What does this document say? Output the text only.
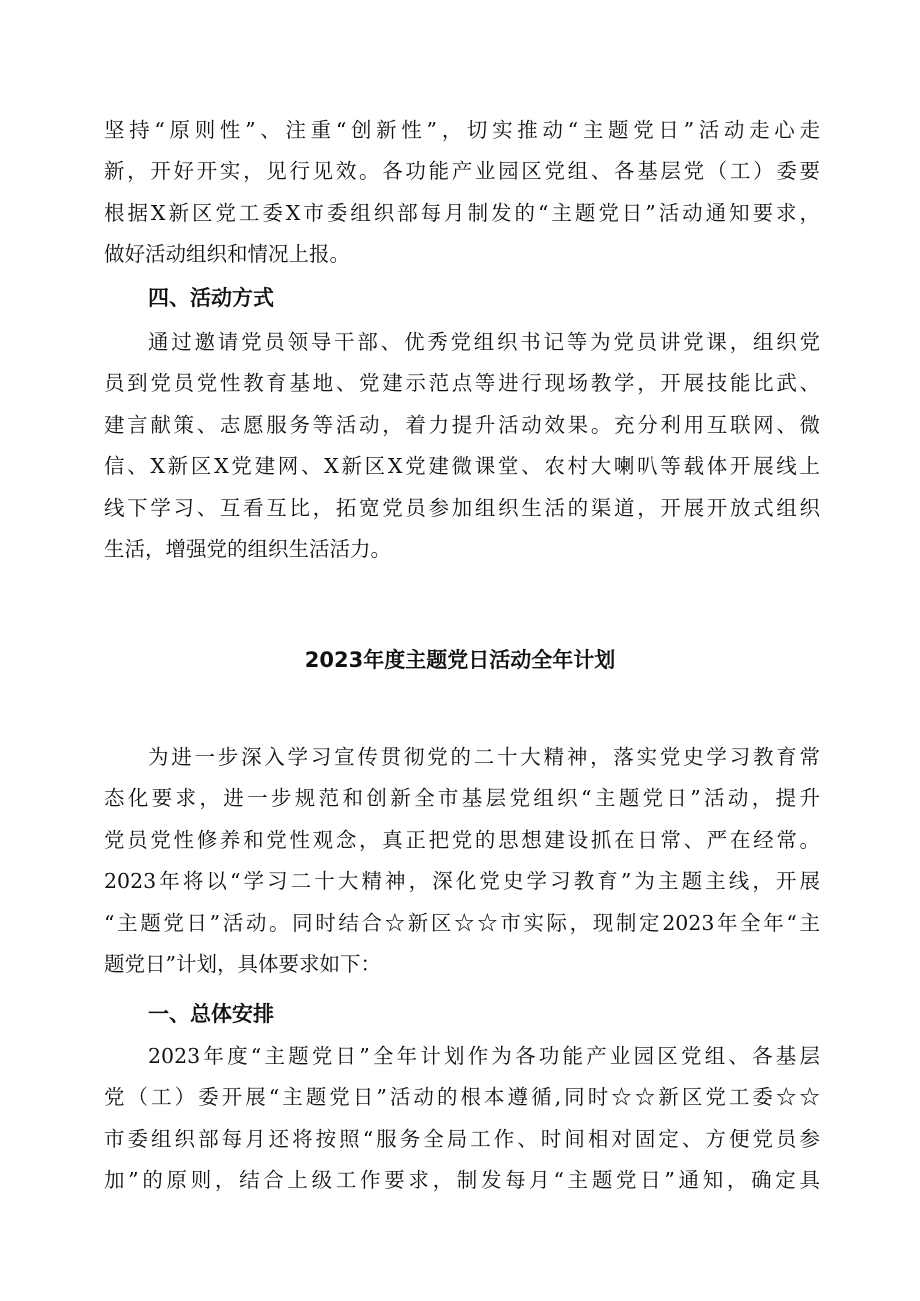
坚持“原则性”、注重“创新性”，切实推动“主题党日”活动走心走
新，开好开实，见行见效。各功能产业园区党组、各基层党（工）委要
根据X新区党工委X市委组织部每月制发的“主题党日”活动通知要求，
做好活动组织和情况上报。
四、活动方式
通过邀请党员领导干部、优秀党组织书记等为党员讲党课，组织党
员到党员党性教育基地、党建示范点等进行现场教学，开展技能比武、
建言献策、志愿服务等活动，着力提升活动效果。充分利用互联网、微
信、X新区X党建网、X新区X党建微课堂、农村大喇叭等载体开展线上
线下学习、互看互比，拓宽党员参加组织生活的渠道，开展开放式组织
生活，增强党的组织生活活力。
2023年度主题党日活动全年计划
为进一步深入学习宣传贯彻党的二十大精神，落实党史学习教育常
态化要求，进一步规范和创新全市基层党组织“主题党日”活动，提升
党员党性修养和党性观念，真正把党的思想建设抓在日常、严在经常。
2023年将以“学习二十大精神，深化党史学习教育”为主题主线，开展
“主题党日”活动。同时结合☆新区☆☆市实际，现制定2023年全年“主
题党日”计划，具体要求如下：
一、总体安排
2023年度“主题党日”全年计划作为各功能产业园区党组、各基层
党（工）委开展“主题党日”活动的根本遵循,同时☆☆新区党工委☆☆
市委组织部每月还将按照“服务全局工作、时间相对固定、方便党员参
加”的原则，结合上级工作要求，制发每月“主题党日”通知，确定具
